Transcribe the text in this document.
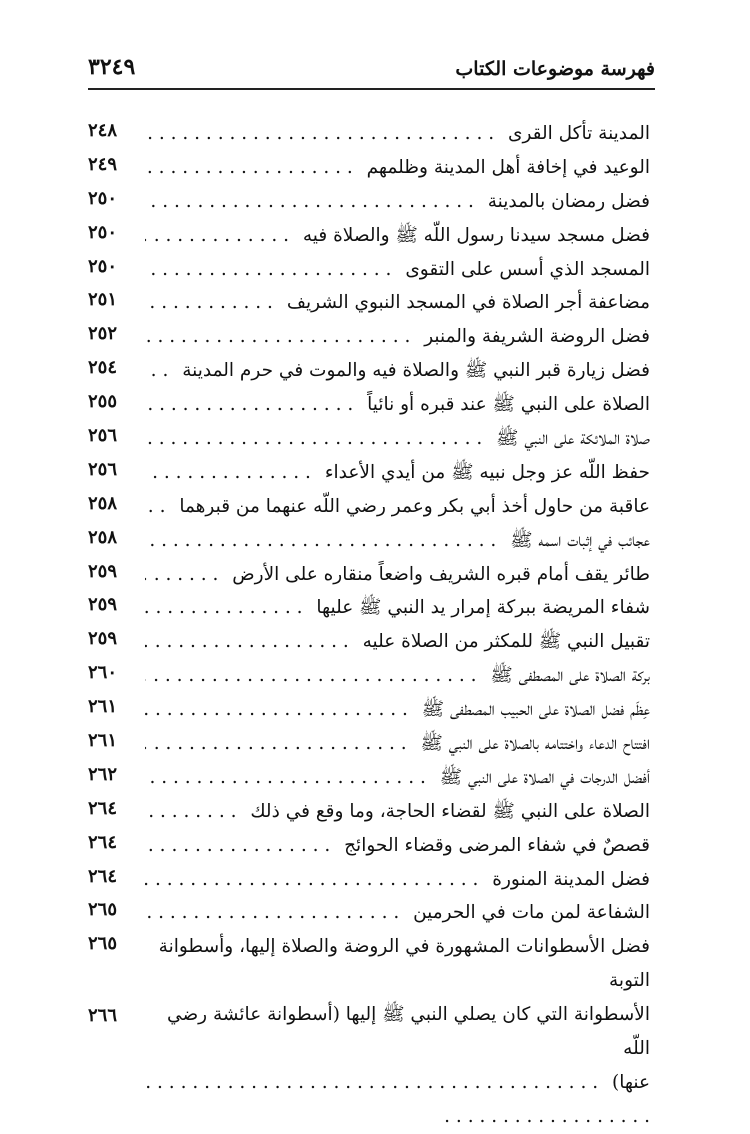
فهرسة موضوعات الكتاب
٣٢٤٩
المدينة تأكل القرى . . .
٢٤٨
الوعيد في إخافة أهل المدينة وظلمهم . . .
٢٤٩
فضل رمضان بالمدينة . . .
٢٥٠
فضل مسجد سيدنا رسول اللّه ﷺ والصلاة فيه . . .
٢٥٠
المسجد الذي أسس على التقوى . . .
٢٥٠
مضاعفة أجر الصلاة في المسجد النبوي الشريف . . .
٢٥١
فضل الروضة الشريفة والمنبر . . .
٢٥٢
فضل زيارة قبر النبي ﷺ والصلاة فيه والموت في حرم المدينة . . .
٢٥٤
الصلاة على النبي ﷺ عند قبره أو نائياً . . .
٢٥٥
صلاة الملائكة على النبي ﷺ . . .
٢٥٦
حفظ اللّه عز وجل نبيه ﷺ من أيدي الأعداء . . .
٢٥٦
عاقبة من حاول أخذ أبي بكر وعمر رضي اللّه عنهما من قبرهما . . .
٢٥٨
عجائب في إثبات اسمه ﷺ . . .
٢٥٨
طائر يقف أمام قبره الشريف واضعاً منقاره على الأرض . . .
٢٥٩
شفاء المريضة ببركة إمرار يد النبي ﷺ عليها . . .
٢٥٩
تقبيل النبي ﷺ للمكثر من الصلاة عليه . . .
٢٥٩
بركة الصلاة على المصطفى ﷺ . . .
٢٦٠
عِظَم فضل الصلاة على الحبيب المصطفى ﷺ . . .
٢٦١
افتتاح الدعاء واختتامه بالصلاة على النبي ﷺ . . .
٢٦١
أفضل الدرجات في الصلاة على النبي ﷺ . . .
٢٦٢
الصلاة على النبي ﷺ لقضاء الحاجة، وما وقع في ذلك . . .
٢٦٤
قصصٌ في شفاء المرضى وقضاء الحوائج . . .
٢٦٤
فضل المدينة المنورة . . .
٢٦٤
الشفاعة لمن مات في الحرمين . . .
٢٦٥
فضل الأسطوانات المشهورة في الروضة والصلاة إليها، وأسطوانة التوبة
الأسطوانة التي كان يصلي النبي ﷺ إليها (أسطوانة عائشة رضي اللّه
عنها) . . . . . . . . . . . . . . . . . . . . . . . . . . . . . . . . . . . . . . . . . . . . . . . . . . . . . . . . .
٢٦٥
٢٦٦
